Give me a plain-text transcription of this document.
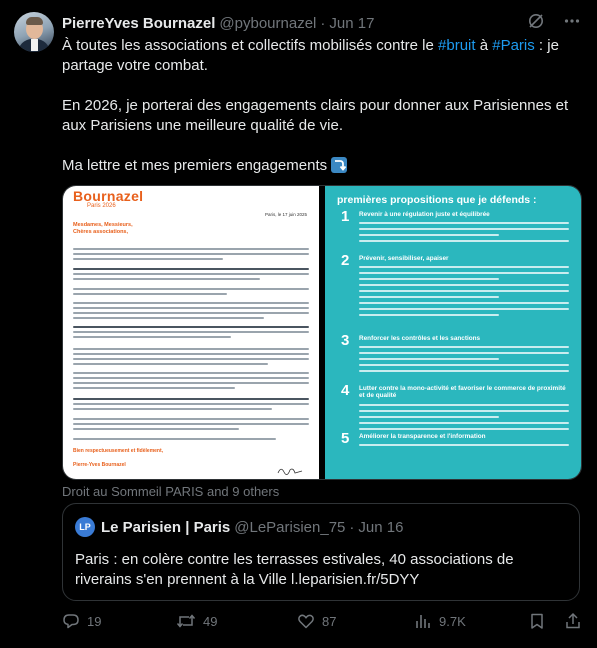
PierreYves Bournazel @pybournazel · Jun 17

À toutes les associations et collectifs mobilisés contre le #bruit à #Paris : je partage votre combat.

En 2026, je porterai des engagements clairs pour donner aux Parisiennes et aux Parisiens une meilleure qualité de vie.

Ma lettre et mes premiers engagements

Bournazel
Paris 2026
Paris, le 17 juin 2025
Mesdames, Messieurs,
Chères associations,
Bien respectueusement et fidèlement,
Pierre-Yves Bournazel

premières propositions que je défends :
1 Revenir à une régulation juste et équilibrée
2 Prévenir, sensibiliser, apaiser
3 Renforcer les contrôles et les sanctions
4 Lutter contre la mono-activité et favoriser le commerce de proximité et de qualité
5 Améliorer la transparence et l'information
Droit au Sommeil PARIS and 9 others
LP Le Parisien | Paris @LeParisien_75 · Jun 16
Paris : en colère contre les terrasses estivales, 40 associations de riverains s'en prennent à la Ville l.leparisien.fr/5DYY
19	49	87	9.7K
